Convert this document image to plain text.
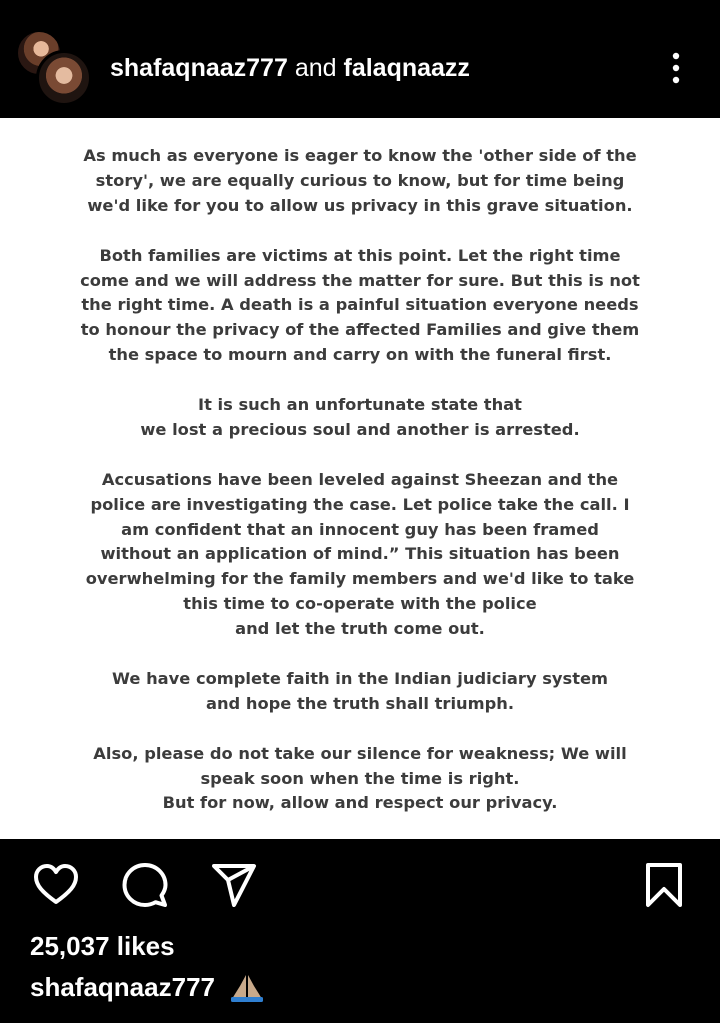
shafaqnaaz777 and falaqnaazz
As much as everyone is eager to know the 'other side of the
story', we are equally curious to know, but for time being
we'd like for you to allow us privacy in this grave situation.
Both families are victims at this point. Let the right time
come and we will address the matter for sure. But this is not
the right time. A death is a painful situation everyone needs
to honour the privacy of the affected Families and give them
the space to mourn and carry on with the funeral first.
It is such an unfortunate state that
we lost a precious soul and another is arrested.
Accusations have been leveled against Sheezan and the
police are investigating the case. Let police take the call. I
am confident that an innocent guy has been framed
without an application of mind.” This situation has been
overwhelming for the family members and we'd like to take
this time to co-operate with the police
and let the truth come out.
We have complete faith in the Indian judiciary system
and hope the truth shall triumph.
Also, please do not take our silence for weakness; We will
speak soon when the time is right.
But for now, allow and respect our privacy.
25,037 likes
shafaqnaaz777
